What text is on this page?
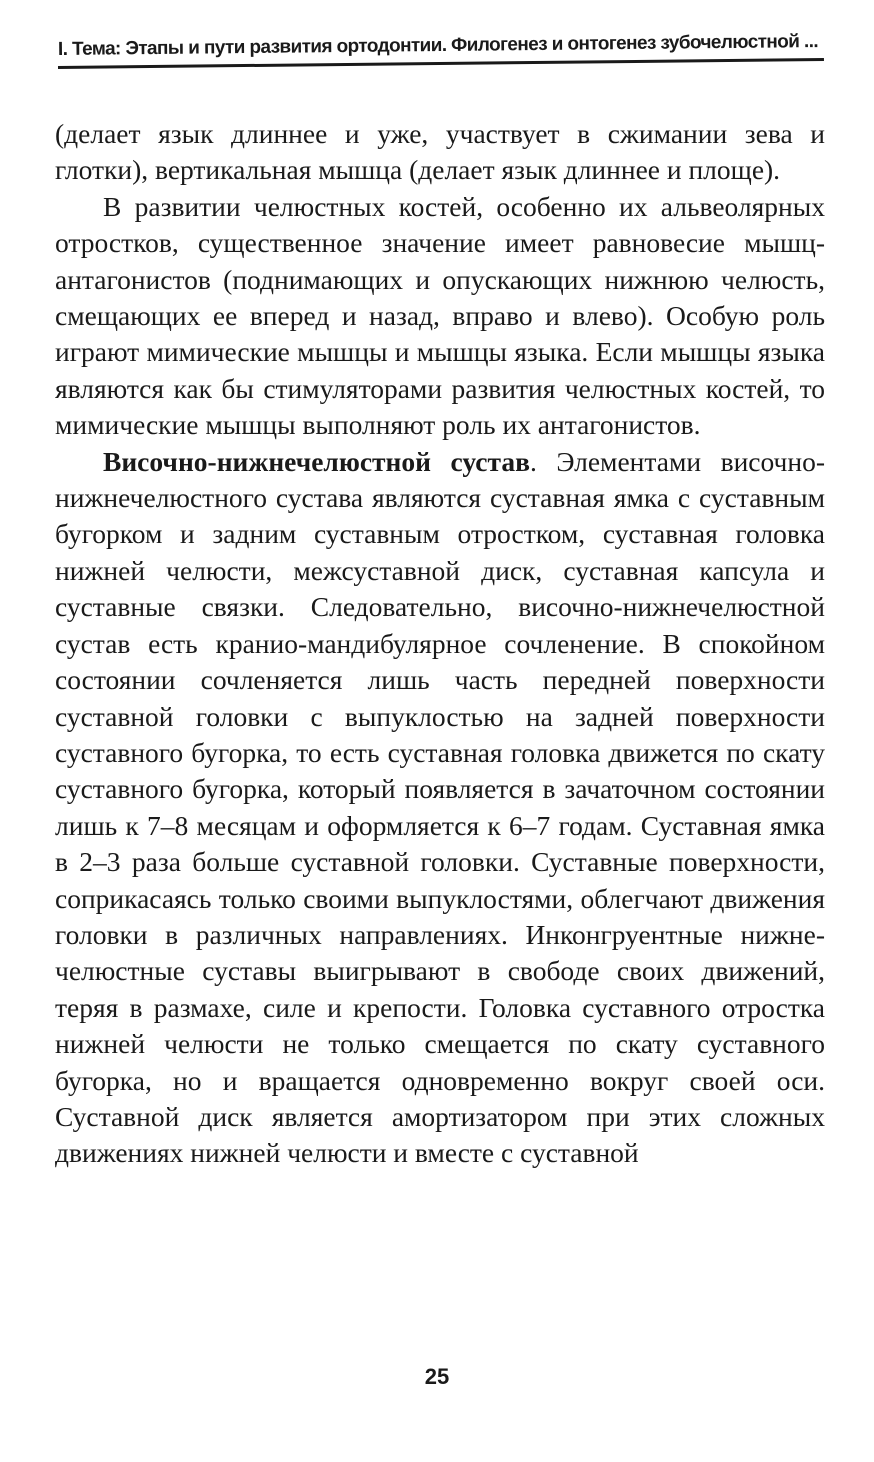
I. Тема: Этапы и пути развития ортодонтии. Филогенез и онтогенез зубочелюстной ...

(делает язык длиннее и уже, участвует в сжимании зева и глотки), вертикальная мышца (делает язык длиннее и площе).

В развитии челюстных костей, особенно их альвеолярных отростков, существенное значение имеет равновесие мышц-антагонистов (поднимающих и опускающих нижнюю челюсть, смещающих ее вперед и назад, вправо и влево). Особую роль играют мимические мышцы и мышцы языка. Если мышцы языка являются как бы стимуляторами развития челюстных костей, то мимические мышцы выполняют роль их антагонистов.

Височно-нижнечелюстной сустав. Элементами височнонижнечелюстного сустава являются суставная ямка с суставным бугорком и задним суставным отростком, суставная головка нижней челюсти, межсуставной диск, суставная капсула и суставные связки. Следовательно, височно-нижнечелюстной сустав есть кранио-мандибулярное сочленение. В спокойном состоянии сочленяется лишь часть передней поверхности суставной головки с выпуклостью на задней поверхности суставного бугорка, то есть суставная головка движется по скату суставного бугорка, который появляется в зачаточном состоянии лишь к 7–8 месяцам и оформляется к 6–7 годам. Суставная ямка в 2–3 раза больше суставной головки. Суставные поверхности, соприкасаясь только своими выпуклостями, облегчают движения головки в различных направлениях. Инконгруентные нижнечелюстные суставы выигрывают в свободе своих движений, теряя в размахе, силе и крепости. Головка суставного отростка нижней челюсти не только смещается по скату суставного бугорка, но и вращается одновременно вокруг своей оси. Суставной диск является амортизатором при этих сложных движениях нижней челюсти и вместе с суставной

25
